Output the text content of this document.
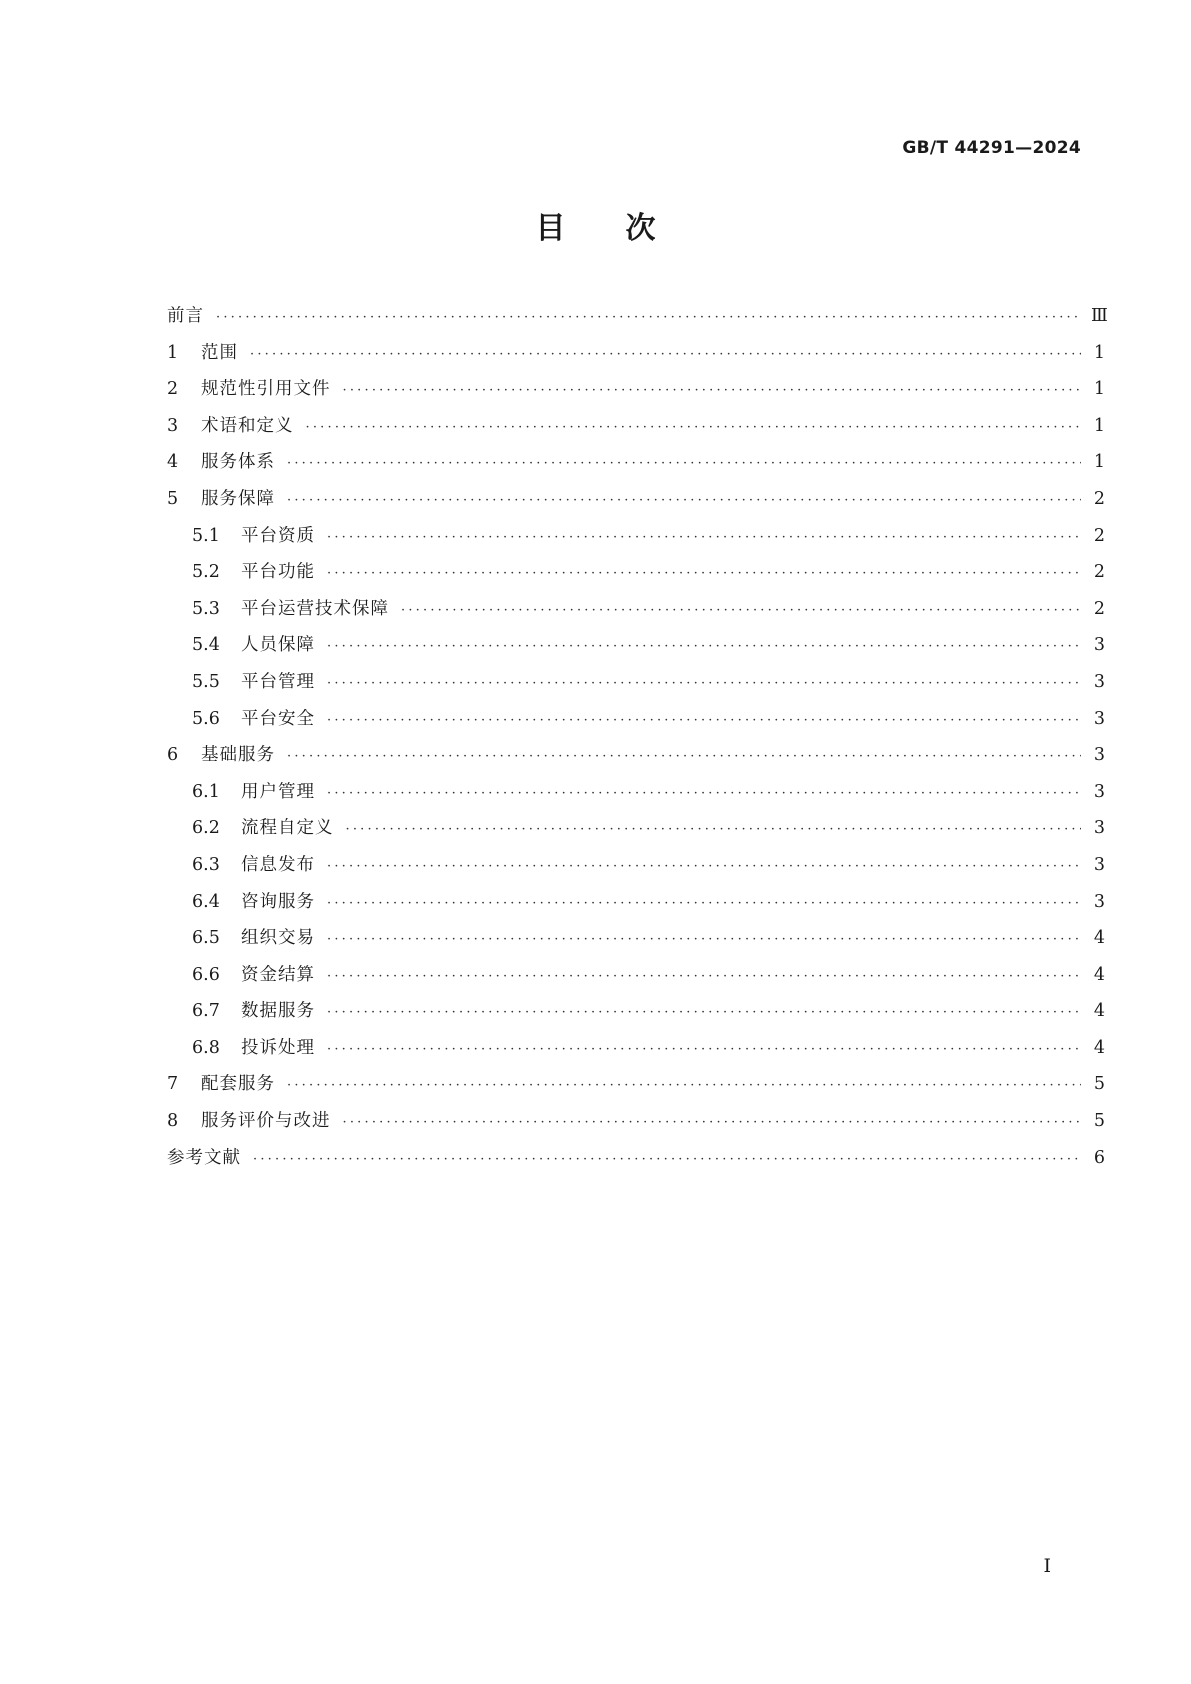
GB/T 44291—2024
目次
前言 ·····	Ⅲ
1	范围 ·····	1
2	规范性引用文件 ·····	1
3	术语和定义 ·····	1
4	服务体系 ·····	1
5	服务保障 ·····	2
5.1	平台资质 ·····	2
5.2	平台功能 ·····	2
5.3	平台运营技术保障 ·····	2
5.4	人员保障 ·····	3
5.5	平台管理 ·····	3
5.6	平台安全 ·····	3
6	基础服务 ·····	3
6.1	用户管理 ·····	3
6.2	流程自定义 ·····	3
6.3	信息发布 ·····	3
6.4	咨询服务 ·····	3
6.5	组织交易 ·····	4
6.6	资金结算 ·····	4
6.7	数据服务 ·····	4
6.8	投诉处理 ·····	4
7	配套服务 ·····	5
8	服务评价与改进 ·····	5
参考文献 ·····	6
Ⅰ
